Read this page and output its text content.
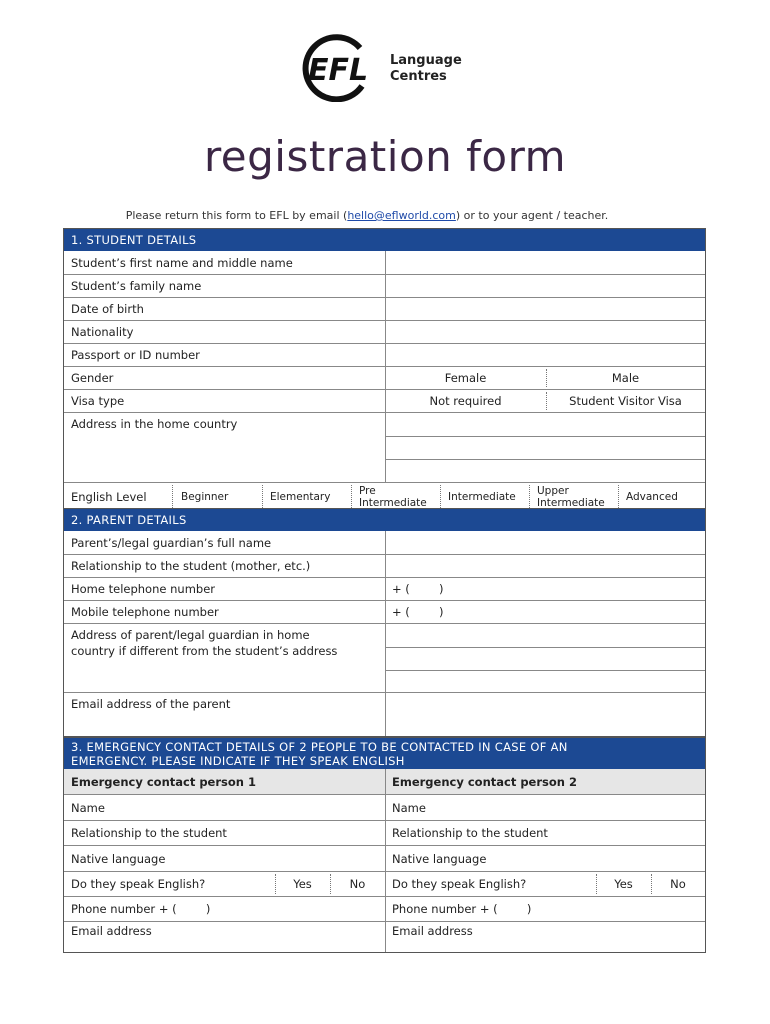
EFL Language
Centres
registration form
Please return this form to EFL by email (hello@eflworld.com) or to your agent / teacher.
1. STUDENT DETAILS
Student’s first name and middle name
Student’s family name
Date of birth
Nationality
Passport or ID number
Gender	Female	Male
Visa type	Not required	Student Visitor Visa
Address in the home country
English Level	Beginner	Elementary	Pre Intermediate	Intermediate	Upper Intermediate	Advanced
2. PARENT DETAILS
Parent’s/legal guardian’s full name
Relationship to the student (mother, etc.)
Home telephone number	+ (        )
Mobile telephone number	+ (        )
Address of parent/legal guardian in home
country if different from the student’s address
Email address of the parent
3. EMERGENCY CONTACT DETAILS OF 2 PEOPLE TO BE CONTACTED IN CASE OF AN
EMERGENCY. PLEASE INDICATE IF THEY SPEAK ENGLISH
Emergency contact person 1	Emergency contact person 2
Name	Name
Relationship to the student	Relationship to the student
Native language	Native language
Do they speak English?	Yes	No	Do they speak English?	Yes	No
Phone number + (        )	Phone number + (        )
Email address	Email address
